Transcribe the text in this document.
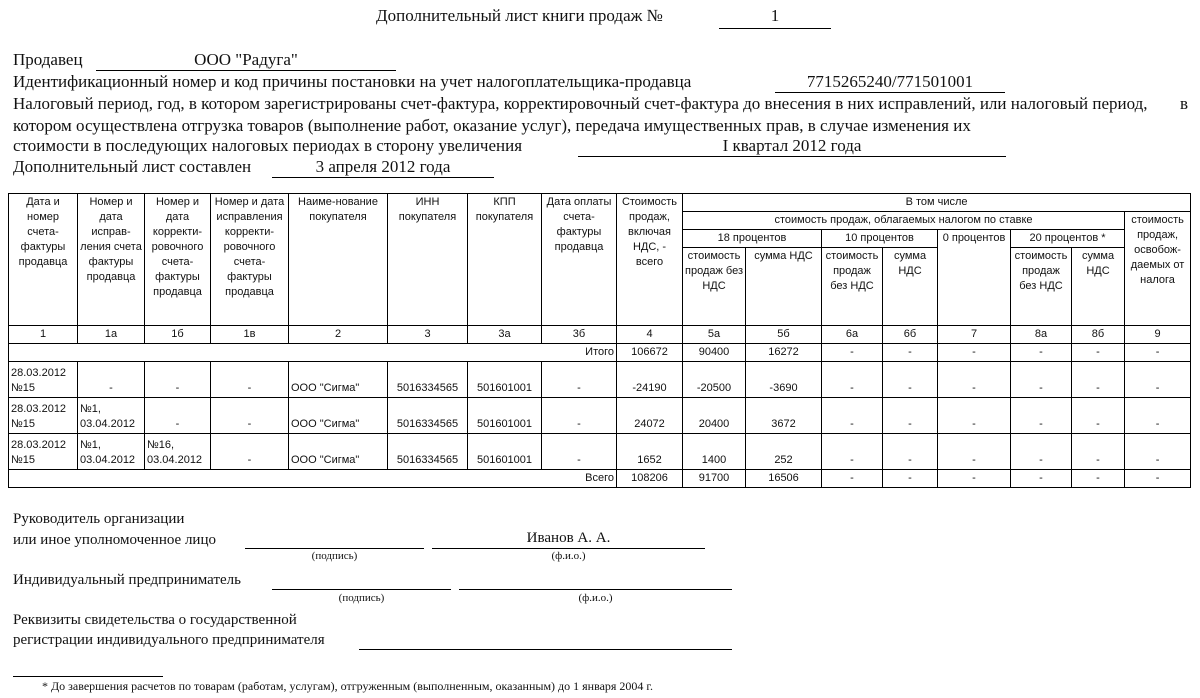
Дополнительный лист книги продаж №	1
Продавец	ООО "Радуга"
Идентификационный номер и код причины постановки на учет налогоплательщика-продавца	7715265240/771501001
Налоговый период, год, в котором зарегистрированы счет-фактура, корректировочный счет-фактура до внесения в них исправлений, или налоговый период, в
котором осуществлена отгрузка товаров (выполнение работ, оказание услуг), передача имущественных прав, в случае изменения их
стоимости в последующих налоговых периодах в сторону увеличения	I квартал 2012 года
Дополнительный лист составлен	3 апреля 2012 года
Дата и номер счета-фактуры продавца	Номер и дата исправ-ления счета фактуры продавца	Номер и дата корректи-ровочного счета-фактуры продавца	Номер и дата исправления корректи-ровочного счета-фактуры продавца	Наиме-нование покупателя	ИНН покупателя	КПП покупателя	Дата оплаты счета-фактуры продавца	Стоимость продаж, включая НДС, - всего	В том числе							
									стоимость продаж, облагаемых налогом по ставке							стоимость продаж, освобож-даемых от налога
									18 процентов		10 процентов		0 процентов	20 процентов *		
									стоимость продаж без НДС	сумма НДС	стоимость продаж без НДС	сумма НДС		стоимость продаж без НДС	сумма НДС	
1	1а	1б	1в	2	3	3а	3б	4	5а	5б	6а	6б	7	8а	8б	9
Итого								106672	90400	16272	-	-	-	-	-	-
28.03.2012 №15	-	-	-	ООО "Сигма"	5016334565	501601001	-	-24190	-20500	-3690	-	-	-	-	-	-
28.03.2012 №15	№1, 03.04.2012	-	-	ООО "Сигма"	5016334565	501601001	-	24072	20400	3672	-	-	-	-	-	-
28.03.2012 №15	№1, 03.04.2012	№16, 03.04.2012	-	ООО "Сигма"	5016334565	501601001	-	1652	1400	252	-	-	-	-	-	-
Всего								108206	91700	16506	-	-	-	-	-	-
Руководитель организации
или иное уполномоченное лицо	Иванов А. А.
(подпись)	(ф.и.о.)
Индивидуальный предприниматель
(подпись)	(ф.и.о.)
Реквизиты свидетельства о государственной
регистрации индивидуального предпринимателя
* До завершения расчетов по товарам (работам, услугам), отгруженным (выполненным, оказанным) до 1 января 2004 г.
